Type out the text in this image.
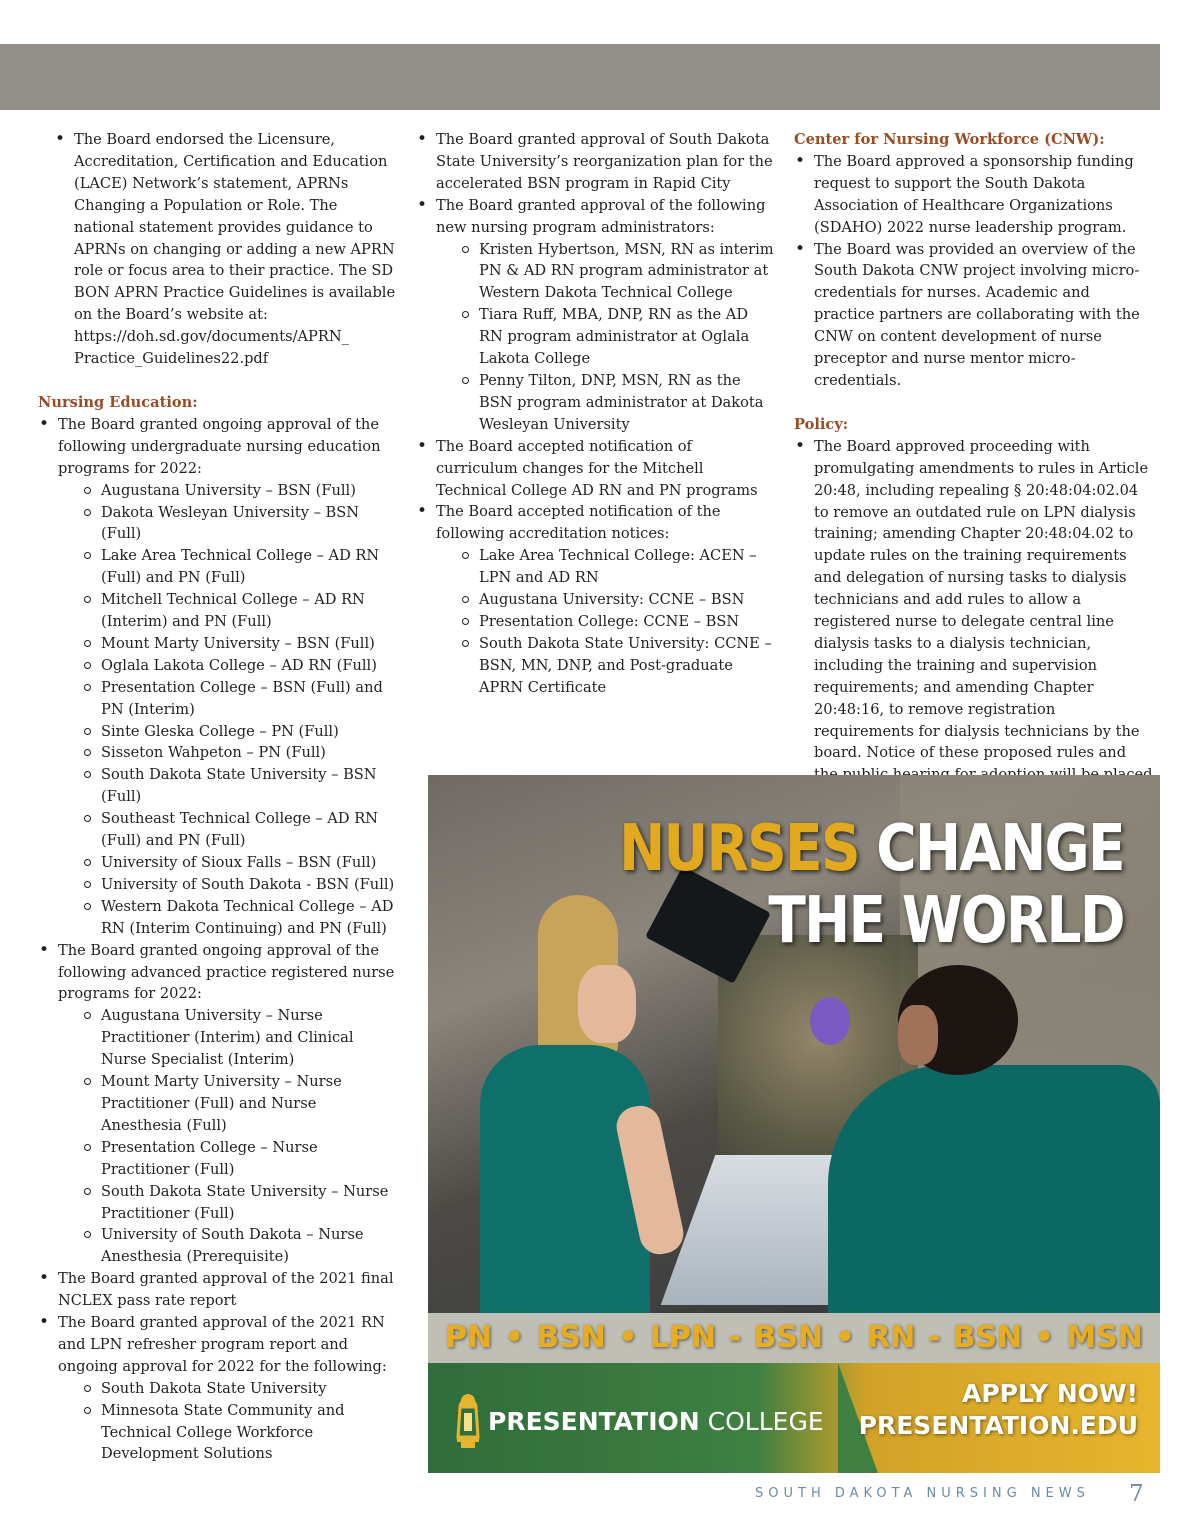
• The Board endorsed the Licensure, Accreditation, Certification and Education (LACE) Network’s statement, APRNs Changing a Population or Role. The national statement provides guidance to APRNs on changing or adding a new APRN role or focus area to their practice. The SD BON APRN Practice Guidelines is available on the Board’s website at: https://doh.sd.gov/documents/APRN_ Practice_Guidelines22.pdf
Nursing Education:
• The Board granted ongoing approval of the following undergraduate nursing education programs for 2022:
Augustana University – BSN (Full)
Dakota Wesleyan University – BSN (Full)
Lake Area Technical College – AD RN (Full) and PN (Full)
Mitchell Technical College – AD RN (Interim) and PN (Full)
Mount Marty University – BSN (Full)
Oglala Lakota College – AD RN (Full)
Presentation College – BSN (Full) and PN (Interim)
Sinte Gleska College – PN (Full)
Sisseton Wahpeton – PN (Full)
South Dakota State University – BSN (Full)
Southeast Technical College – AD RN (Full) and PN (Full)
University of Sioux Falls – BSN (Full)
University of South Dakota - BSN (Full)
Western Dakota Technical College – AD RN (Interim Continuing) and PN (Full)
• The Board granted ongoing approval of the following advanced practice registered nurse programs for 2022:
Augustana University – Nurse Practitioner (Interim) and Clinical Nurse Specialist (Interim)
Mount Marty University – Nurse Practitioner (Full) and Nurse Anesthesia (Full)
Presentation College – Nurse Practitioner (Full)
South Dakota State University – Nurse Practitioner (Full)
University of South Dakota – Nurse Anesthesia (Prerequisite)
• The Board granted approval of the 2021 final NCLEX pass rate report
• The Board granted approval of the 2021 RN and LPN refresher program report and ongoing approval for 2022 for the following:
South Dakota State University
Minnesota State Community and Technical College Workforce Development Solutions
• The Board granted approval of South Dakota State University’s reorganization plan for the accelerated BSN program in Rapid City
• The Board granted approval of the following new nursing program administrators:
Kristen Hybertson, MSN, RN as interim PN & AD RN program administrator at Western Dakota Technical College
Tiara Ruff, MBA, DNP, RN as the AD RN program administrator at Oglala Lakota College
Penny Tilton, DNP, MSN, RN as the BSN program administrator at Dakota Wesleyan University
• The Board accepted notification of curriculum changes for the Mitchell Technical College AD RN and PN programs
• The Board accepted notification of the following accreditation notices:
Lake Area Technical College: ACEN – LPN and AD RN
Augustana University: CCNE – BSN
Presentation College: CCNE – BSN
South Dakota State University: CCNE – BSN, MN, DNP, and Post-graduate APRN Certificate
Center for Nursing Workforce (CNW):
• The Board approved a sponsorship funding request to support the South Dakota Association of Healthcare Organizations (SDAHO) 2022 nurse leadership program.
• The Board was provided an overview of the South Dakota CNW project involving micro-credentials for nurses. Academic and practice partners are collaborating with the CNW on content development of nurse preceptor and nurse mentor micro-credentials.
Policy:
• The Board approved proceeding with promulgating amendments to rules in Article 20:48, including repealing § 20:48:04:02.04 to remove an outdated rule on LPN dialysis training; amending Chapter 20:48:04.02 to update rules on the training requirements and delegation of nursing tasks to dialysis technicians and add rules to allow a registered nurse to delegate central line dialysis tasks to a dialysis technician, including the training and supervision requirements; and amending Chapter 20:48:16, to remove registration requirements for dialysis technicians by the board. Notice of these proposed rules and
NURSES CHANGE
THE WORLD
PN • BSN • LPN - BSN • RN - BSN • MSN
PRESENTATION COLLEGE
APPLY NOW!
PRESENTATION.EDU
SOUTH DAKOTA NURSING NEWS 7
